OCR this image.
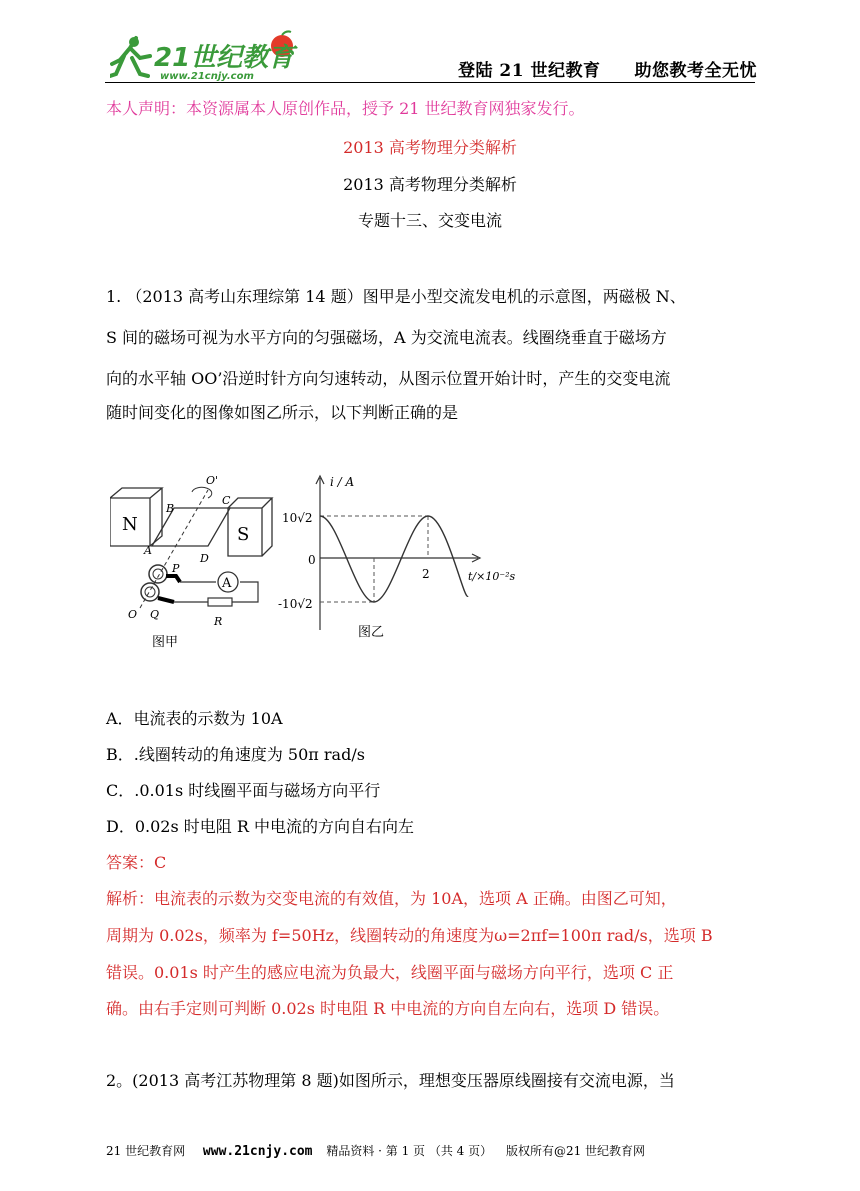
21世纪教育
www.21cnjy.com	登陆 21 世纪教育 助您教考全无忧
本人声明：本资源属本人原创作品，授予 21 世纪教育网独家发行。
2013 高考物理分类解析
2013 高考物理分类解析
专题十三、交变电流
1. （2013 高考山东理综第 14 题）图甲是小型交流发电机的示意图，两磁极 N、
S 间的磁场可视为水平方向的匀强磁场，A 为交流电流表。线圈绕垂直于磁场方
向的水平轴 OO’沿逆时针方向匀速转动，从图示位置开始计时，产生的交变电流
随时间变化的图像如图乙所示，以下判断正确的是
N	S
O'
B
C
D
A
P
Q
O
A
R
图甲
i / A
t/×10⁻²s
10√2
0
-10√2
2
图乙
A．电流表的示数为 10A
B．.线圈转动的角速度为 50π rad/s
C．.0.01s 时线圈平面与磁场方向平行
D．0.02s 时电阻 R 中电流的方向自右向左
答案：C
解析：电流表的示数为交变电流的有效值，为 10A，选项 A 正确。由图乙可知，
周期为 0.02s，频率为 f=50Hz，线圈转动的角速度为ω=2πf=100π rad/s，选项 B
错误。0.01s 时产生的感应电流为负最大，线圈平面与磁场方向平行，选项 C 正
确。由右手定则可判断 0.02s 时电阻 R 中电流的方向自左向右，选项 D 错误。
2。(2013 高考江苏物理第 8 题)如图所示，理想变压器原线圈接有交流电源，当
21 世纪教育网 www.21cnjy.com 精品资料 · 第 1 页 （共 4 页） 版权所有@21 世纪教育网
